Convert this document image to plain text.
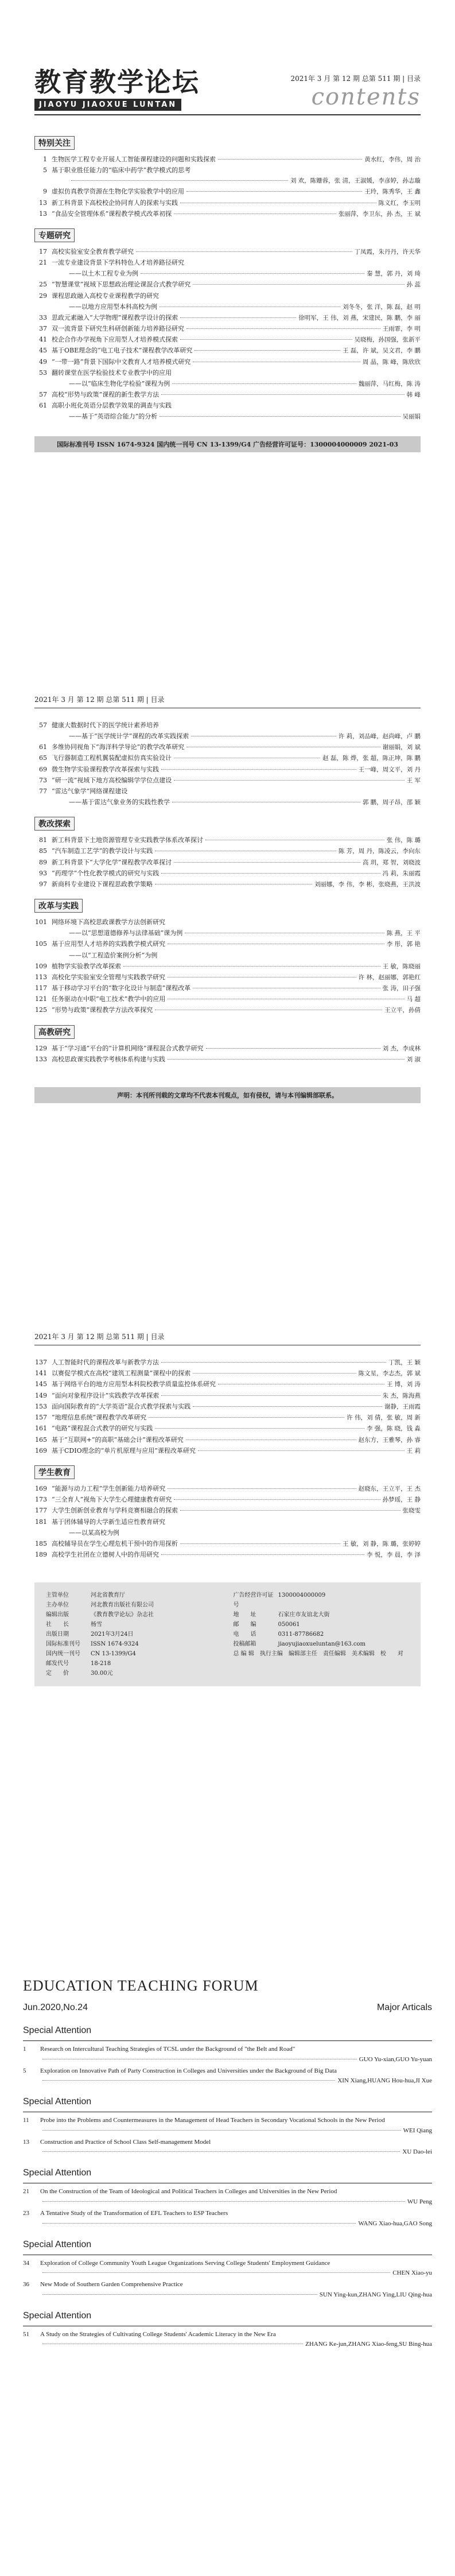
教育教学论坛
JIAOYU JIAOXUE LUNTAN
2021年 3 月 第 12 期 总第 511 期 | 目录
contents
特别关注
1 生物医学工程专业开展人工智能课程建设的问题和实践探索	黄水红，李伟，周 治
5 基于职业胜任能力的“临床中药学”教学模式的思考
刘 欢，陈姗蓉，张 清，王淑媛，李彦婷，孙志璇
9 虚拟仿真教学资源在生物化学实验教学中的应用	王玲，陈秀华，王 鑫
13 新工科背景下高校校企协同育人的探索与实践	陈义红，李玉明
13 “食品安全管理体系”课程教学模式改革初探	张丽萍，李卫东，孙 杰，王 斌
专题研究
17 高校实验室安全教育教学研究	丁凤霞，朱丹丹，许天华
21 一流专业建设背景下学科特色人才培养路径研究
——以土木工程专业为例	秦 慧，郭 丹，刘 琦
25 “智慧课堂”视域下思想政治理论课混合式教学研究	孙 蕊
29 课程思政融入高校专业课程教学的研究
——以地方应用型本科高校为例	刘冬冬，张 洋，陈 磊，赵 明
33 思政元素融入“大学物理”课程教学设计的探索	徐明军，王 伟，刘 燕，宋建民，陈 鹏，李 丽
37 双一流背景下研究生科研创新能力培养路径研究	王雨霏，李 明
41 校企合作办学视角下应用型人才培养模式探索	吴晓梅，孙国强，张新平
45 基于OBE理念的“电工电子技术”课程教学改革研究	王 磊，许 斌，吴文君，李 鹏
49 “一带一路”背景下国际中文教育人才培养模式研究	周 晶，陈 峰，陈欣欣
53 翻转课堂在医学检验技术专业教学中的应用
——以“临床生物化学检验”课程为例	魏丽萍，马红梅，陈 涛
57 高校“形势与政策”课程的新生教学方法	韩 峰
61 高职小班化英语分层教学效果的调查与实践
——基于“英语综合能力”的分析	吴丽娟
国际标准刊号 ISSN 1674-9324 国内统一刊号 CN 13-1399/G4 广告经营许可证号：1300004000009 2021-03
2021年 3 月 第 12 期 总第 511 期 | 目录
57 健康大数据时代下的医学统计素养培养
——基于“医学统计学”课程的改革实践探索	许 莉，刘品峰，赵尚峰，卢 鹏
61 多维协同视角下“海洋科学导论”的教学改革研究	谢丽娟，刘 斌
65 飞行器制造工程机翼装配虚拟仿真实验设计	赵 磊，陈 烨，张 超，陈正坤，陈 鹏
69 微生物学实验课程教学改革探索与实践	王一峰，周文平，刘 丹
73 “研一流”视域下地方高校编辑学学位点建设	王 军
77 “雷达气象学”网络课程建设
——基于雷达气象业务的实践性教学	郭 鹏，周子昂，邵 颖
教改探索
81 新工科背景下土地资源管理专业实践教学体系改革探讨	张 伟，陈 璐
85 “汽车制造工艺学”的教学设计与实践	陈 芳，周 丹，陈凌云，李向东
89 新工科背景下“大学化学”课程教学改革探讨	高 玥，郑 智，刘晓波
93 “药理学”个性化教学模式的研究与实践	冯 莉，朱丽霞
97 新商科专业建设下课程思政教学策略	刘丽娜，李 伟，李 彬，张晓燕，王洪波
改革与实践
101 网络环境下高校思政课教学方法创新研究
——以“思想道德修养与法律基础”课为例	陈 燕，王 平
105 基于应用型人才培养的实践教学模式研究	李 彤，郭 艳
——以“工程造价案例分析”为例
109 植物学实验教学改革探索	王 敏，陈晓丽
113 高校化学实验室安全管理与实践教学研究	许 林，赵丽娜，郭艳红
117 基于移动学习平台的“数字化设计与制造”课程改革	张 涛，田子强
121 任务驱动在中职“电工技术”教学中的应用	马 超
125 “形势与政策”课程教学方法改革探究	王立平，孙倩
高教研究
129 基于“学习通”平台的“计算机网络”课程混合式教学研究	刘 杰，李成林
133 高校思政课实践教学考核体系构建与实践	刘 淑
声明：本刊所刊载的文章均不代表本刊观点，如有侵权，请与本刊编辑部联系。
2021年 3 月 第 12 期 总第 511 期 | 目录
137 人工智能时代的课程改革与新教学方法	丁凯，王 颖
141 以赛促学模式在高校“建筑工程测量”课程中的探索	陈文星，李志杰，郭 斌
145 基于网络平台的地方应用型本科院校教学质量监控体系研究	王 博，刘 涛
149 “面向对象程序设计”实践教学改革探索	朱 杰，陈海燕
153 面向国际教育的“大学英语”混合式教学探索与实践	谢静，王雨霞
157 “地理信息系统”课程教学改革研究	许 伟，刘 倩，张 敏，周 新
161 “电路”课程混合式教学的研究与实践	李 强，陈 晓，钱 淼
165 基于“互联网+”的高职“基础会计”课程改革研究	赵东方，王雅琴，孙 睿
169 基于CDIO理念的“单片机原理与应用”课程改革研究	王 莉
学生教育
169 “能源与动力工程”学生创新能力培养研究	赵晓东，王立平，王 杰
173 “三全育人”视角下大学生心理健康教育研究	孙梦瑶，王 静
177 大学生创新创业教育与学科竞赛相融合的探索	张晓雯
181 基于团体辅导的大学新生适应性教育研究
——以某高校为例
185 高校辅导员在学生心理危机干预中的作用探析	王 敏，刘 静，陈 璐，张婷婷
189 高校学生社团在立德树人中的作用研究	李 悦，李 晨，李 泽
主管单位	河北省教育厅
主办单位	河北教育出版社有限公司
编辑出版	《教育教学论坛》杂志社
社　　长	杨雪
出版日期	2021年3月24日
国际标准刊号	ISSN 1674-9324
国内统一刊号	CN 13-1399/G4
邮发代号	18-218
定　　价	30.00元
广告经营许可证号
1300004000009
地　　址	石家庄市友谊北大街
邮　　编	050061
电　　话	0311-87786682
投稿邮箱	jiaoyujiaoxueluntan@163.com
总 编 辑 执行主编 编辑部主任 责任编辑 美术编辑 校　　对
EDUCATION TEACHING FORUM
Jun.2020,No.24	Major Articals
Special Attention
1 Research on Intercultural Teaching Strategies of TCSL under the Background of "the Belt and Road"
GUO Yu-xian,GUO Yu-yuan
5 Exploration on Innovative Path of Party Construction in Colleges and Universities under the Background of Big Data
XIN Xiang,HUANG Hou-hua,JI Xue
Special Attention
11 Probe into the Problems and Countermeasures in the Management of Head Teachers in Secondary Vocational Schools in the New Period
WEI Qiang
13 Construction and Practice of School Class Self-management Model
XU Dao-lei
Special Attention
21 On the Construction of the Team of Ideological and Political Teachers in Colleges and Universities in the New Period
WU Peng
23 A Tentative Study of the Transformation of EFL Teachers to ESP Teachers
WANG Xiao-hua,GAO Song
Special Attention
34 Exploration of College Community Youth League Organizations Serving College Students' Employment Guidance
CHEN Xiao-yu
36 New Mode of Southern Garden Comprehensive Practice
SUN Ying-kun,ZHANG Ying,LIU Qing-hua
Special Attention
51 A Study on the Strategies of Cultivating College Students' Academic Literacy in the New Era
ZHANG Ke-jun,ZHANG Xiao-feng,SU Bing-hua
